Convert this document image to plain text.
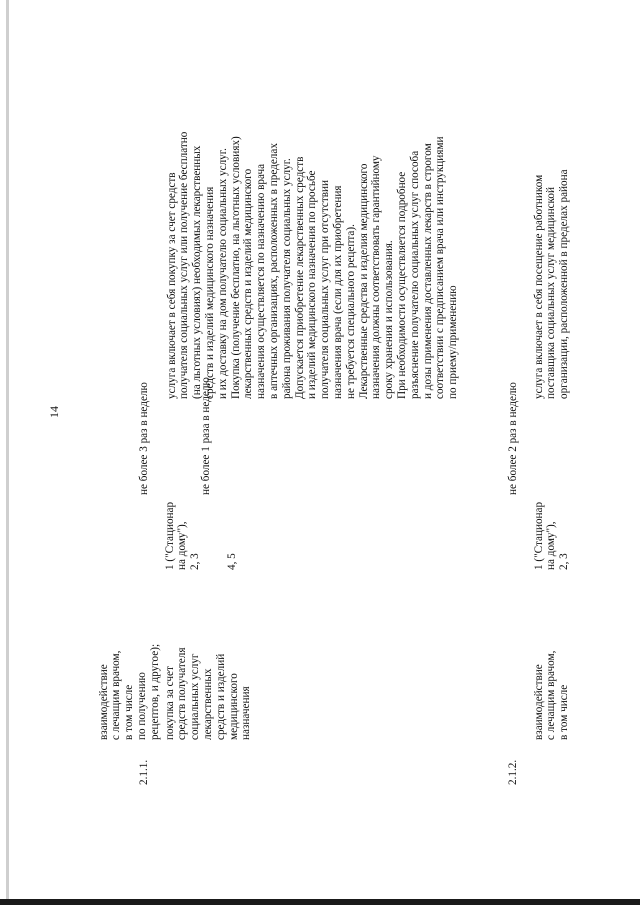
14

взаимодействие с лечащим врачом, в том числе по получению рецептов, и другое);

2.1.1.

покупка за счет средств получателя социальных услуг лекарственных средств и изделий медицинского назначения

1 ("Стационар на дому"), 2, 3

не более 3 раз в неделю

4, 5

не более 1 раза в неделю

услуга включает в себя покупку за счет средств получателя социальных услуг или получение бесплатно (на льготных условиях) необходимых лекарственных средств и изделий медицинского назначения и их доставку на дом получателю социальных услуг. Покупка (получение бесплатно, на льготных условиях) лекарственных средств и изделий медицинского назначения осуществляется по назначению врача в аптечных организациях, расположенных в пределах района проживания получателя социальных услуг. Допускается приобретение лекарственных средств и изделий медицинского назначения по просьбе получателя социальных услуг при отсутствии назначения врача (если для их приобретения не требуется специального рецепта). Лекарственные средства и изделия медицинского назначения должны соответствовать гарантийному сроку хранения и использования. При необходимости осуществляется подробное разъяснение получателю социальных услуг способа и дозы применения доставленных лекарств в строгом соответствии с предписанием врача или инструкциями по приему/применению

2.1.2.

взаимодействие с лечащим врачом, в том числе

1 ("Стационар на дому"), 2, 3

не более 2 раз в неделю

услуга включает в себя посещение работником поставщика социальных услуг медицинской организации, расположенной в пределах района
